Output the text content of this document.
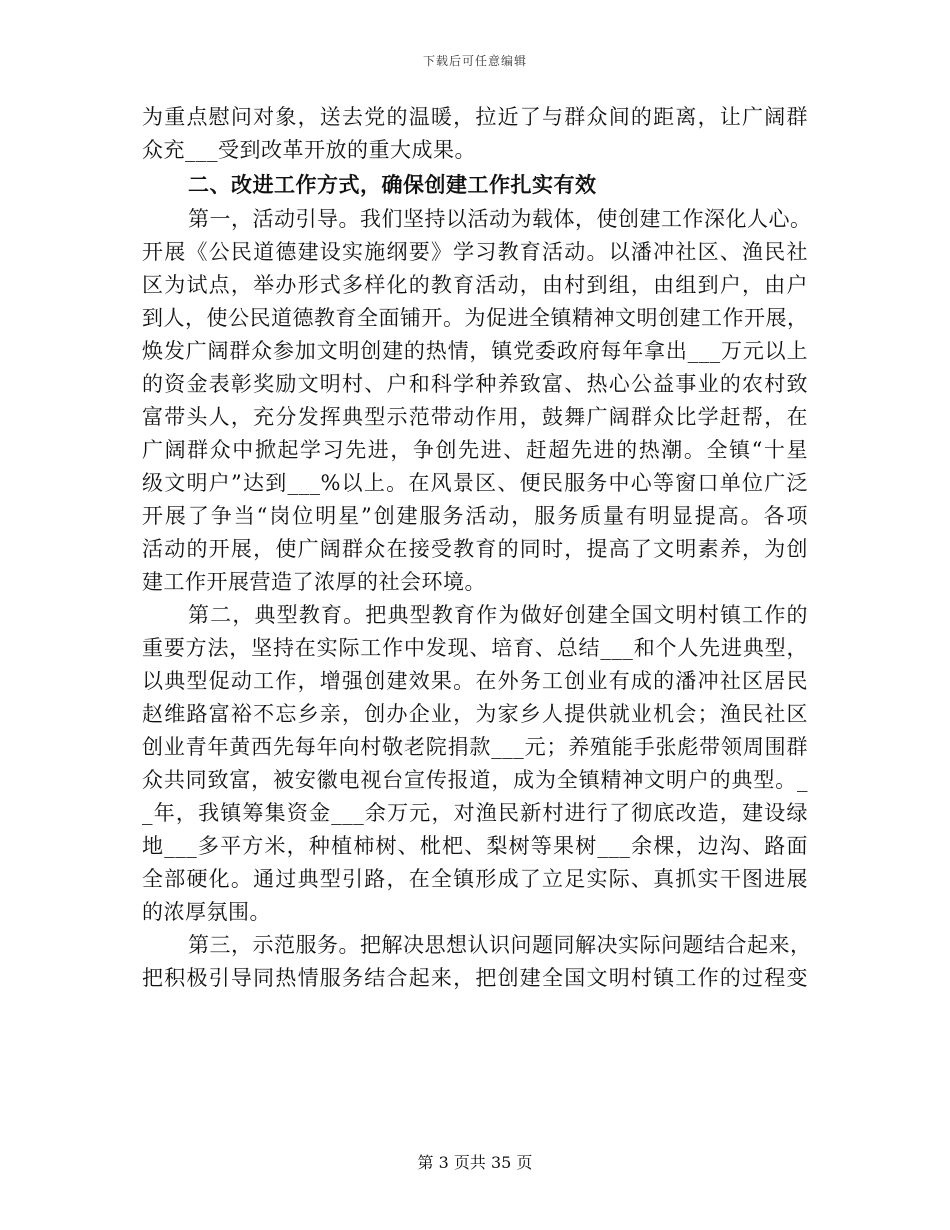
下载后可任意编辑
为重点慰问对象，送去党的温暖，拉近了与群众间的距离，让广阔群
众充___受到改革开放的重大成果。
二、改进工作方式，确保创建工作扎实有效
第一，活动引导。我们坚持以活动为载体，使创建工作深化人心。
开展《公民道德建设实施纲要》学习教育活动。以潘冲社区、渔民社
区为试点，举办形式多样化的教育活动，由村到组，由组到户，由户
到人，使公民道德教育全面铺开。为促进全镇精神文明创建工作开展，
焕发广阔群众参加文明创建的热情，镇党委政府每年拿出___万元以上
的资金表彰奖励文明村、户和科学种养致富、热心公益事业的农村致
富带头人，充分发挥典型示范带动作用，鼓舞广阔群众比学赶帮，在
广阔群众中掀起学习先进，争创先进、赶超先进的热潮。全镇“十星
级文明户”达到___%以上。在风景区、便民服务中心等窗口单位广泛
开展了争当“岗位明星”创建服务活动，服务质量有明显提高。各项
活动的开展，使广阔群众在接受教育的同时，提高了文明素养，为创
建工作开展营造了浓厚的社会环境。
第二，典型教育。把典型教育作为做好创建全国文明村镇工作的
重要方法，坚持在实际工作中发现、培育、总结___和个人先进典型，
以典型促动工作，增强创建效果。在外务工创业有成的潘冲社区居民
赵维路富裕不忘乡亲，创办企业，为家乡人提供就业机会；渔民社区
创业青年黄西先每年向村敬老院捐款___元；养殖能手张彪带领周围群
众共同致富，被安徽电视台宣传报道，成为全镇精神文明户的典型。_
_年，我镇筹集资金___余万元，对渔民新村进行了彻底改造，建设绿
地___多平方米，种植柿树、枇杷、梨树等果树___余棵，边沟、路面
全部硬化。通过典型引路，在全镇形成了立足实际、真抓实干图进展
的浓厚氛围。
第三，示范服务。把解决思想认识问题同解决实际问题结合起来，
把积极引导同热情服务结合起来，把创建全国文明村镇工作的过程变
第 3 页共 35 页
